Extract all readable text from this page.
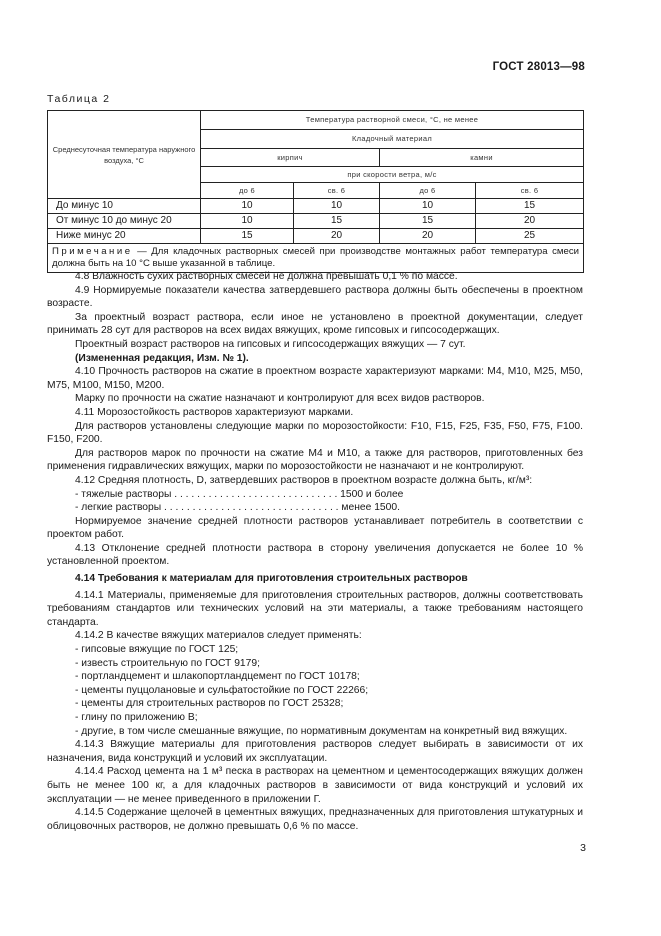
ГОСТ 28013—98
Таблица 2
Среднесуточная температура наружного воздуха, °С	Температура растворной смеси, °С, не менее			
	Кладочный материал			
	кирпич		камни	
	при скорости ветра, м/с			
	до 6	св. 6	до 6	св. 6
До минус 10	10	10	10	15
От минус 10 до минус 20	10	15	15	20
Ниже минус 20	15	20	20	25
Примечание — Для кладочных растворных смесей при производстве монтажных работ температура смеси должна быть на 10 °С выше указанной в таблице.				

4.8 Влажность сухих растворных смесей не должна превышать 0,1 % по массе.

4.9 Нормируемые показатели качества затвердевшего раствора должны быть обеспечены в проектном возрасте.

За проектный возраст раствора, если иное не установлено в проектной документации, следует принимать 28 сут для растворов на всех видах вяжущих, кроме гипсовых и гипсосодержащих.

Проектный возраст растворов на гипсовых и гипсосодержащих вяжущих — 7 сут.

(Измененная редакция, Изм. № 1).

4.10 Прочность растворов на сжатие в проектном возрасте характеризуют марками: М4, М10, М25, М50, М75, М100, М150, М200.

Марку по прочности на сжатие назначают и контролируют для всех видов растворов.

4.11 Морозостойкость растворов характеризуют марками.

Для растворов установлены следующие марки по морозостойкости: F10, F15, F25, F35, F50, F75, F100. F150, F200.

Для растворов марок по прочности на сжатие М4 и М10, а также для растворов, приготовленных без применения гидравлических вяжущих, марки по морозостойкости не назначают и не контролируют.

4.12 Средняя плотность, D, затвердевших растворов в проектном возрасте должна быть, кг/м³:

- тяжелые растворы . . . . . . . . . . . . . . . . . . . . . . . . . . . . . 1500 и более

- легкие растворы . . . . . . . . . . . . . . . . . . . . . . . . . . . . . . . менее 1500.

Нормируемое значение средней плотности растворов устанавливает потребитель в соответствии с проектом работ.

4.13 Отклонение средней плотности раствора в сторону увеличения допускается не более 10 % установленной проектом.

4.14 Требования к материалам для приготовления строительных растворов

4.14.1 Материалы, применяемые для приготовления строительных растворов, должны соответствовать требованиям стандартов или технических условий на эти материалы, а также требованиям настоящего стандарта.

4.14.2 В качестве вяжущих материалов следует применять:

- гипсовые вяжущие по ГОСТ 125;

- известь строительную по ГОСТ 9179;

- портландцемент и шлакопортландцемент по ГОСТ 10178;

- цементы пуццолановые и сульфатостойкие по ГОСТ 22266;

- цементы для строительных растворов по ГОСТ 25328;

- глину по приложению В;

- другие, в том числе смешанные вяжущие, по нормативным документам на конкретный вид вяжущих.

4.14.3 Вяжущие материалы для приготовления растворов следует выбирать в зависимости от их назначения, вида конструкций и условий их эксплуатации.

4.14.4 Расход цемента на 1 м³ песка в растворах на цементном и цементосодержащих вяжущих должен быть не менее 100 кг, а для кладочных растворов в зависимости от вида конструкций и условий их эксплуатации — не менее приведенного в приложении Г.

4.14.5 Содержание щелочей в цементных вяжущих, предназначенных для приготовления штукатурных и облицовочных растворов, не должно превышать 0,6 % по массе.

3
